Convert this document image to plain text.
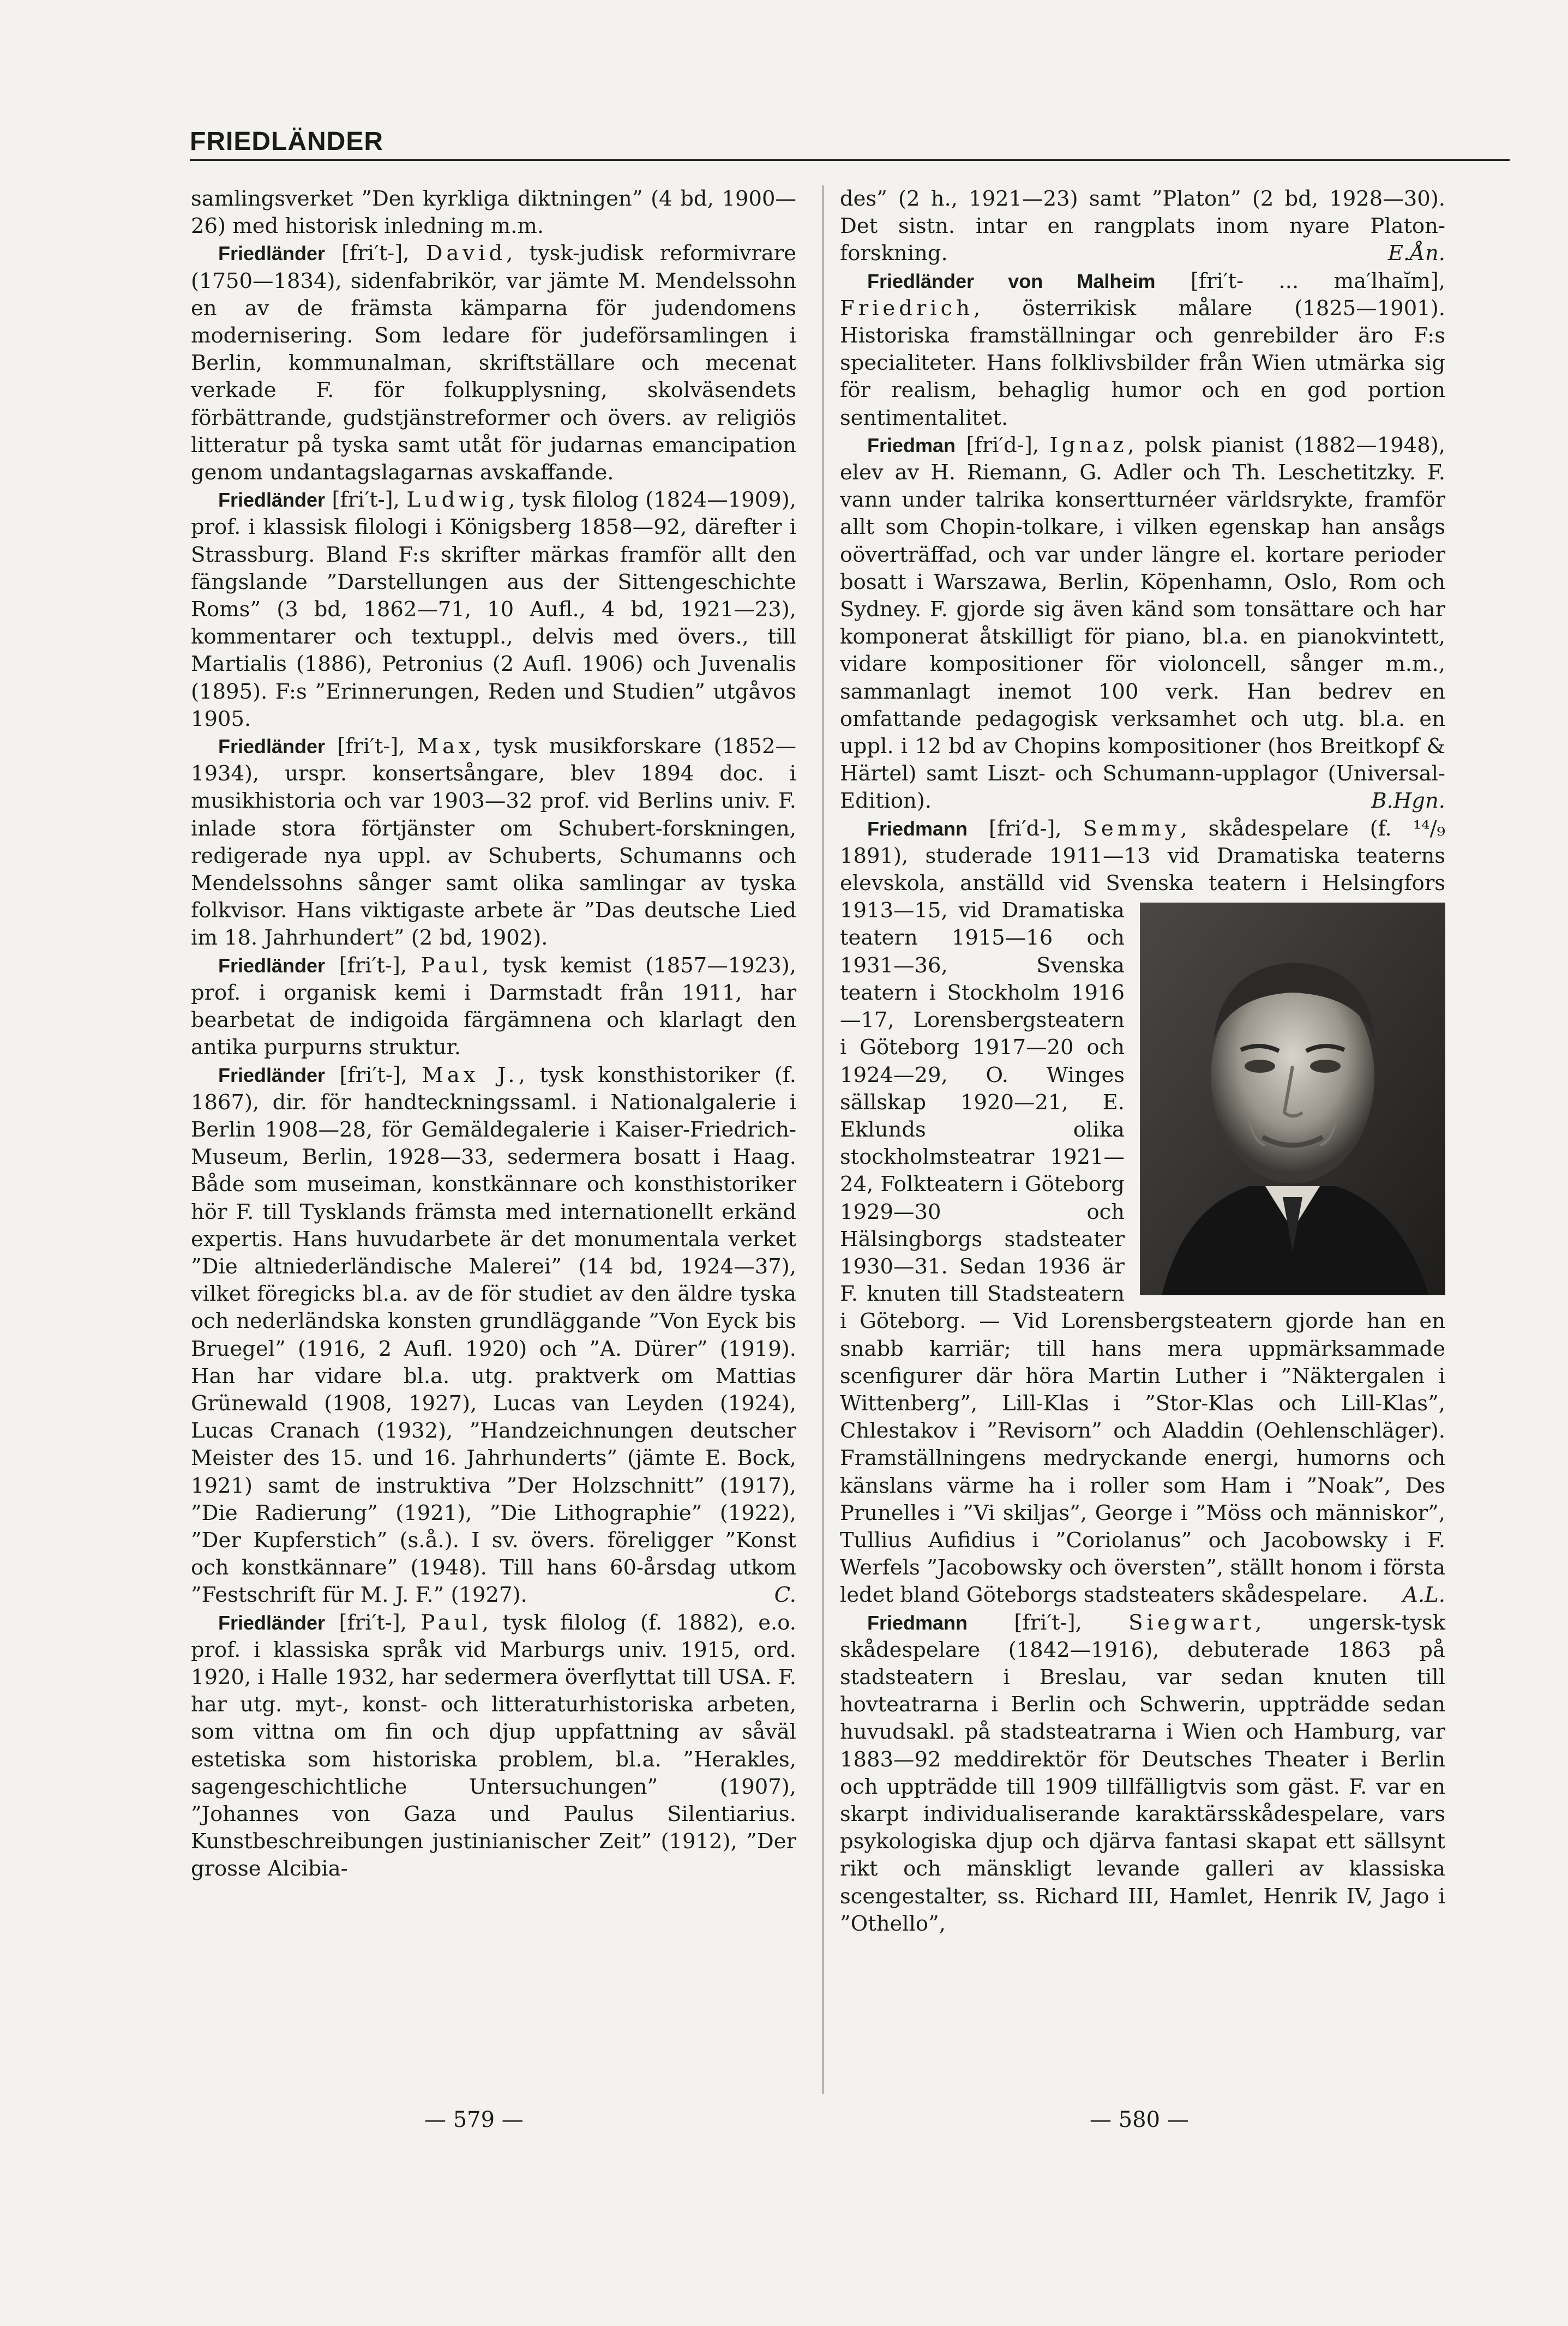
FRIEDLÄNDER

samlingsverket ”Den kyrkliga diktningen” (4 bd, 1900—26) med historisk inledning m.m.

Friedländer [fri′t-], David, tysk-judisk reformivrare (1750—1834), sidenfabrikör, var jämte M. Mendelssohn en av de främsta kämparna för judendomens modernisering. Som ledare för judeförsamlingen i Berlin, kommunalman, skriftställare och mecenat verkade F. för folkupplysning, skolväsendets förbättrande, gudstjänstreformer och övers. av religiös litteratur på tyska samt utåt för judarnas emancipation genom undantagslagarnas avskaffande.

Friedländer [fri′t-], Ludwig, tysk filolog (1824—1909), prof. i klassisk filologi i Königsberg 1858—92, därefter i Strassburg. Bland F:s skrifter märkas framför allt den fängslande ”Darstellungen aus der Sittengeschichte Roms” (3 bd, 1862—71, 10 Aufl., 4 bd, 1921—23), kommentarer och textuppl., delvis med övers., till Martialis (1886), Petronius (2 Aufl. 1906) och Juvenalis (1895). F:s ”Erinnerungen, Reden und Studien” utgåvos 1905.

Friedländer [fri′t-], Max, tysk musikforskare (1852—1934), urspr. konsertsångare, blev 1894 doc. i musikhistoria och var 1903—32 prof. vid Berlins univ. F. inlade stora förtjänster om Schubert-forskningen, redigerade nya uppl. av Schuberts, Schumanns och Mendelssohns sånger samt olika samlingar av tyska folkvisor. Hans viktigaste arbete är ”Das deutsche Lied im 18. Jahrhundert” (2 bd, 1902).

Friedländer [fri′t-], Paul, tysk kemist (1857—1923), prof. i organisk kemi i Darmstadt från 1911, har bearbetat de indigoida färgämnena och klarlagt den antika purpurns struktur.

Friedländer [fri′t-], Max J., tysk konsthistoriker (f. 1867), dir. för handteckningssaml. i Nationalgalerie i Berlin 1908—28, för Gemäldegalerie i Kaiser-Friedrich-Museum, Berlin, 1928—33, sedermera bosatt i Haag. Både som museiman, konstkännare och konsthistoriker hör F. till Tysklands främsta med internationellt erkänd expertis. Hans huvudarbete är det monumentala verket ”Die altniederländische Malerei” (14 bd, 1924—37), vilket föregicks bl.a. av de för studiet av den äldre tyska och nederländska konsten grundläggande ”Von Eyck bis Bruegel” (1916, 2 Aufl. 1920) och ”A. Dürer” (1919). Han har vidare bl.a. utg. praktverk om Mattias Grünewald (1908, 1927), Lucas van Leyden (1924), Lucas Cranach (1932), ”Handzeichnungen deutscher Meister des 15. und 16. Jahrhunderts” (jämte E. Bock, 1921) samt de instruktiva ”Der Holzschnitt” (1917), ”Die Radierung” (1921), ”Die Lithographie” (1922), ”Der Kupferstich” (s.å.). I sv. övers. föreligger ”Konst och konstkännare” (1948). Till hans 60-årsdag utkom ”Festschrift für M. J. F.” (1927).	C.

Friedländer [fri′t-], Paul, tysk filolog (f. 1882), e.o. prof. i klassiska språk vid Marburgs univ. 1915, ord. 1920, i Halle 1932, har sedermera överflyttat till USA. F. har utg. myt-, konst- och litteraturhistoriska arbeten, som vittna om fin och djup uppfattning av såväl estetiska som historiska problem, bl.a. ”Herakles, sagengeschichtliche Untersuchungen” (1907), ”Johannes von Gaza und Paulus Silentiarius. Kunstbeschreibungen justinianischer Zeit” (1912), ”Der grosse Alcibia-

des” (2 h., 1921—23) samt ”Platon” (2 bd, 1928—30). Det sistn. intar en rangplats inom nyare Platon-forskning.	E.Ån.

Friedländer von Malheim [fri′t- ... ma′lhaĭm], Friedrich, österrikisk målare (1825—1901). Historiska framställningar och genrebilder äro F:s specialiteter. Hans folklivsbilder från Wien utmärka sig för realism, behaglig humor och en god portion sentimentalitet.

Friedman [fri′d-], Ignaz, polsk pianist (1882—1948), elev av H. Riemann, G. Adler och Th. Leschetitzky. F. vann under talrika konsertturnéer världsrykte, framför allt som Chopin-tolkare, i vilken egenskap han ansågs oöverträffad, och var under längre el. kortare perioder bosatt i Warszawa, Berlin, Köpenhamn, Oslo, Rom och Sydney. F. gjorde sig även känd som tonsättare och har komponerat åtskilligt för piano, bl.a. en pianokvintett, vidare kompositioner för violoncell, sånger m.m., sammanlagt inemot 100 verk. Han bedrev en omfattande pedagogisk verksamhet och utg. bl.a. en uppl. i 12 bd av Chopins kompositioner (hos Breitkopf & Härtel) samt Liszt- och Schumann-upplagor (Universal-Edition).	B.Hgn.

Friedmann [fri′d-], Semmy, skådespelare (f. ¹⁴/₉ 1891), studerade 1911—13 vid Dramatiska teaterns elevskola, anställd vid Svenska teatern i Helsingfors
1913—15, vid Dramatiska teatern 1915—16 och 1931—36, Svenska teatern i Stockholm 1916—17, Lorensbergsteatern i Göteborg 1917—20 och 1924—29, O. Winges sällskap 1920—21, E. Eklunds olika stockholmsteatrar 1921—24, Folkteatern i Göteborg 1929—30 och Hälsingborgs stadsteater 1930—31. Sedan 1936 är F. knuten till Stadsteatern i Göteborg. — Vid Lorensbergsteatern gjorde han en snabb karriär; till hans mera uppmärksammade scenfigurer där höra Martin Luther i ”Näktergalen i Wittenberg”, Lill-Klas i ”Stor-Klas och Lill-Klas”, Chlestakov i ”Revisorn” och Aladdin (Oehlenschläger). Framställningens medryckande energi, humorns och känslans värme ha i roller som Ham i ”Noak”, Des Prunelles i ”Vi skiljas”, George i ”Möss och människor”, Tullius Aufidius i ”Coriolanus” och Jacobowsky i F. Werfels ”Jacobowsky och översten”, ställt honom i första ledet bland Göteborgs stadsteaters skådespelare.	A.L.

Friedmann [fri′t-], Siegwart, ungersk-tysk skådespelare (1842—1916), debuterade 1863 på stadsteatern i Breslau, var sedan knuten till hovteatrarna i Berlin och Schwerin, uppträdde sedan huvudsakl. på stadsteatrarna i Wien och Hamburg, var 1883—92 meddirektör för Deutsches Theater i Berlin och uppträdde till 1909 tillfälligtvis som gäst. F. var en skarpt individualiserande karaktärsskådespelare, vars psykologiska djup och djärva fantasi skapat ett sällsynt rikt och mänskligt levande galleri av klassiska scengestalter, ss. Richard III, Hamlet, Henrik IV, Jago i ”Othello”,

— 579 —	— 580 —
